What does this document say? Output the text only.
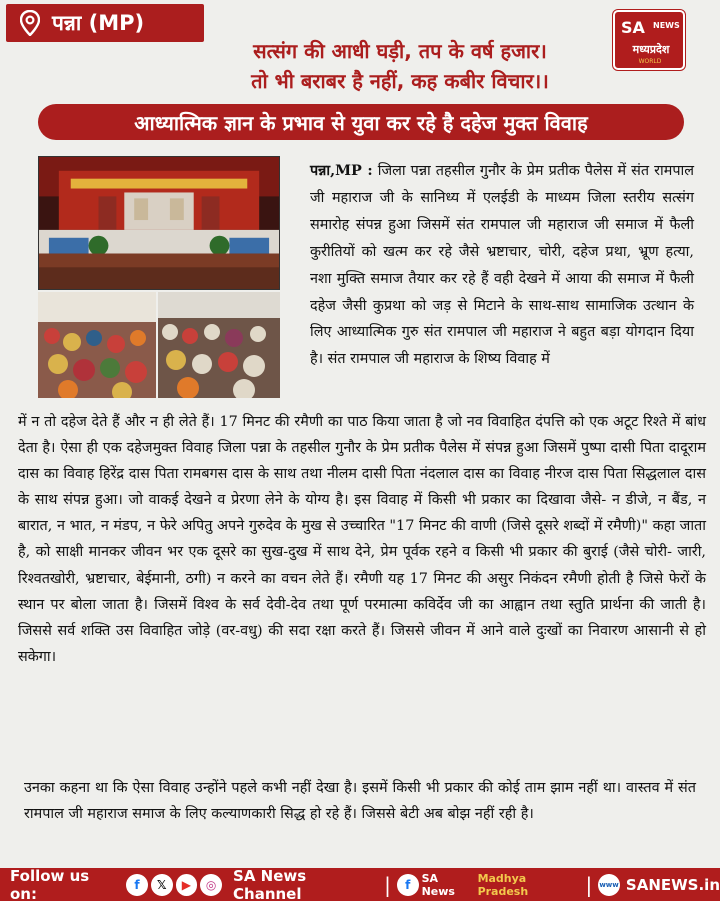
पन्ना (MP)
सत्संग की आधी घड़ी, तप के वर्ष हजार।
तो भी बराबर है नहीं, कह कबीर विचार।।
SA NEWS
मध्यप्रदेश
WORLD
आध्यात्मिक ज्ञान के प्रभाव से युवा कर रहे है दहेज मुक्त विवाह

पन्ना,MP : जिला पन्ना तहसील गुनौर के प्रेम प्रतीक पैलेस में संत रामपाल जी महाराज जी के सानिध्य में एलईडी के माध्यम जिला स्तरीय सत्संग समारोह संपन्न हुआ जिसमें संत रामपाल जी महाराज जी समाज में फैली कुरीतियों को खत्म कर रहे जैसे भ्रष्टाचार, चोरी, दहेज प्रथा, भ्रूण हत्या, नशा मुक्ति समाज तैयार कर रहे हैं वही देखने में आया की समाज में फैली दहेज जैसी कुप्रथा को जड़ से मिटाने के साथ-साथ सामाजिक उत्थान के लिए आध्यात्मिक गुरु संत रामपाल जी महाराज ने बहुत बड़ा योगदान दिया है। संत रामपाल जी महाराज के शिष्य विवाह में

में न तो दहेज देते हैं और न ही लेते हैं। 17 मिनट की रमैणी का पाठ किया जाता है जो नव विवाहित दंपत्ति को एक अटूट रिश्ते में बांध देता है। ऐसा ही एक दहेजमुक्त विवाह जिला पन्ना के तहसील गुनौर के प्रेम प्रतीक पैलेस में संपन्न हुआ जिसमें पुष्पा दासी पिता दादूराम दास का विवाह हिरेंद्र दास पिता रामबगस दास के साथ तथा नीलम दासी पिता नंदलाल दास का विवाह नीरज दास पिता सिद्धलाल दास के साथ संपन्न हुआ। जो वाकई देखने व प्रेरणा लेने के योग्य है। इस विवाह में किसी भी प्रकार का दिखावा जैसे- न डीजे, न बैंड, न बारात, न भात, न मंडप, न फेरे अपितु अपने गुरुदेव के मुख से उच्चारित "17 मिनट की वाणी (जिसे दूसरे शब्दों में रमैणी)" कहा जाता है, को साक्षी मानकर जीवन भर एक दूसरे का सुख-दुख में साथ देने, प्रेम पूर्वक रहने व किसी भी प्रकार की बुराई (जैसे चोरी- जारी, रिश्वतखोरी, भ्रष्टाचार, बेईमानी, ठगी) न करने का वचन लेते हैं। रमैणी यह 17 मिनट की असुर निकंदन रमैणी होती है जिसे फेरों के स्थान पर बोला जाता है। जिसमें विश्व के सर्व देवी-देव तथा पूर्ण परमात्मा कविर्देव जी का आह्वान तथा स्तुति प्रार्थना की जाती है। जिससे सर्व शक्ति उस विवाहित जोड़े (वर-वधु) की सदा रक्षा करते हैं। जिससे जीवन में आने वाले दुःखों का निवारण आसानी से हो सकेगा।

उनका कहना था कि ऐसा विवाह उन्होंने पहले कभी नहीं देखा है। इसमें किसी भी प्रकार की कोई ताम झाम नहीं था। वास्तव में संत रामपाल जी महाराज समाज के लिए कल्याणकारी सिद्ध हो रहे हैं। जिससे बेटी अब बोझ नहीं रही है।

Follow us on:	f	𝕏	▶	◎	SA News Channel	|	f	SA News
Madhya Pradesh	| www SANEWS.in
